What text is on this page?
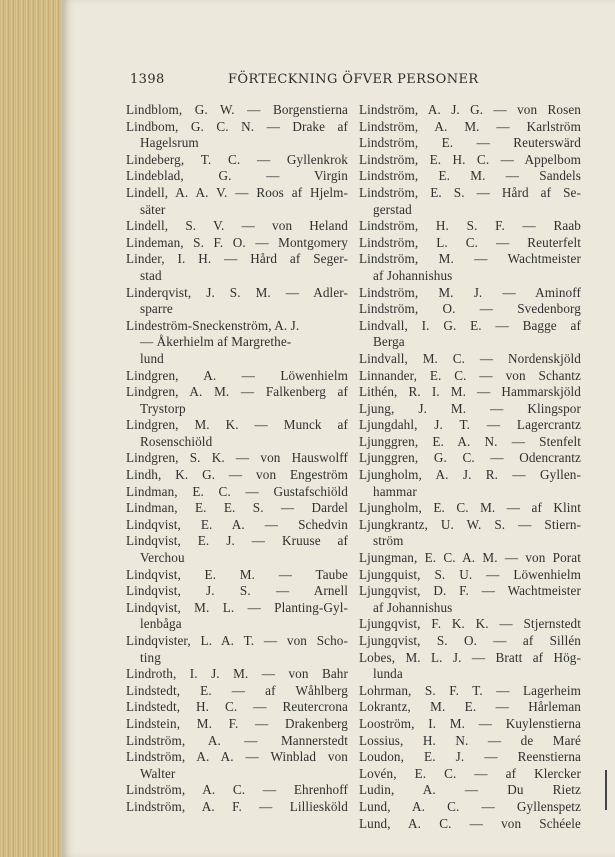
1398	FÖRTECKNING ÖFVER PERSONER
Lindblom, G. W. — Borgenstierna
Lindbom, G. C. N. — Drake af
Hagelsrum
Lindeberg, T. C. — Gyllenkrok
Lindeblad, G. — Virgin
Lindell, A. A. V. — Roos af Hjelm-
säter
Lindell, S. V. — von Heland
Lindeman, S. F. O. — Montgomery
Linder, I. H. — Hård af Seger-
stad
Linderqvist, J. S. M. — Adler-
sparre
Lindeström-Sneckenström, A. J.
— Åkerhielm af Margrethe-
lund
Lindgren, A. — Löwenhielm
Lindgren, A. M. — Falkenberg af
Trystorp
Lindgren, M. K. — Munck af
Rosenschiöld
Lindgren, S. K. — von Hauswolff
Lindh, K. G. — von Engeström
Lindman, E. C. — Gustafschiöld
Lindman, E. E. S. — Dardel
Lindqvist, E. A. — Schedvin
Lindqvist, E. J. — Kruuse af
Verchou
Lindqvist, E. M. — Taube
Lindqvist, J. S. — Arnell
Lindqvist, M. L. — Planting-Gyl-
lenbåga
Lindqvister, L. A. T. — von Scho-
ting
Lindroth, I. J. M. — von Bahr
Lindstedt, E. — af Wåhlberg
Lindstedt, H. C. — Reutercrona
Lindstein, M. F. — Drakenberg
Lindström, A. — Mannerstedt
Lindström, A. A. — Winblad von
Walter
Lindström, A. C. — Ehrenhoff
Lindström, A. F. — Lilliesköld
Lindström, A. J. G. — von Rosen
Lindström, A. M. — Karlström
Lindström, E. — Reuterswärd
Lindström, E. H. C. — Appelbom
Lindström, E. M. — Sandels
Lindström, E. S. — Hård af Se-
gerstad
Lindström, H. S. F. — Raab
Lindström, L. C. — Reuterfelt
Lindström, M. — Wachtmeister
af Johannishus
Lindström, M. J. — Aminoff
Lindström, O. — Svedenborg
Lindvall, I. G. E. — Bagge af
Berga
Lindvall, M. C. — Nordenskjöld
Linnander, E. C. — von Schantz
Lithén, R. I. M. — Hammarskjöld
Ljung, J. M. — Klingspor
Ljungdahl, J. T. — Lagercrantz
Ljunggren, E. A. N. — Stenfelt
Ljunggren, G. C. — Odencrantz
Ljungholm, A. J. R. — Gyllen-
hammar
Ljungholm, E. C. M. — af Klint
Ljungkrantz, U. W. S. — Stiern-
ström
Ljungman, E. C. A. M. — von Porat
Ljungquist, S. U. — Löwenhielm
Ljungqvist, D. F. — Wachtmeister
af Johannishus
Ljungqvist, F. K. K. — Stjernstedt
Ljungqvist, S. O. — af Sillén
Lobes, M. L. J. — Bratt af Hög-
lunda
Lohrman, S. F. T. — Lagerheim
Lokrantz, M. E. — Hårleman
Looström, I. M. — Kuylenstierna
Lossius, H. N. — de Maré
Loudon, E. J. — Reenstierna
Lovén, E. C. — af Klercker
Ludin, A. — Du Rietz
Lund, A. C. — Gyllenspetz
Lund, A. C. — von Schéele
